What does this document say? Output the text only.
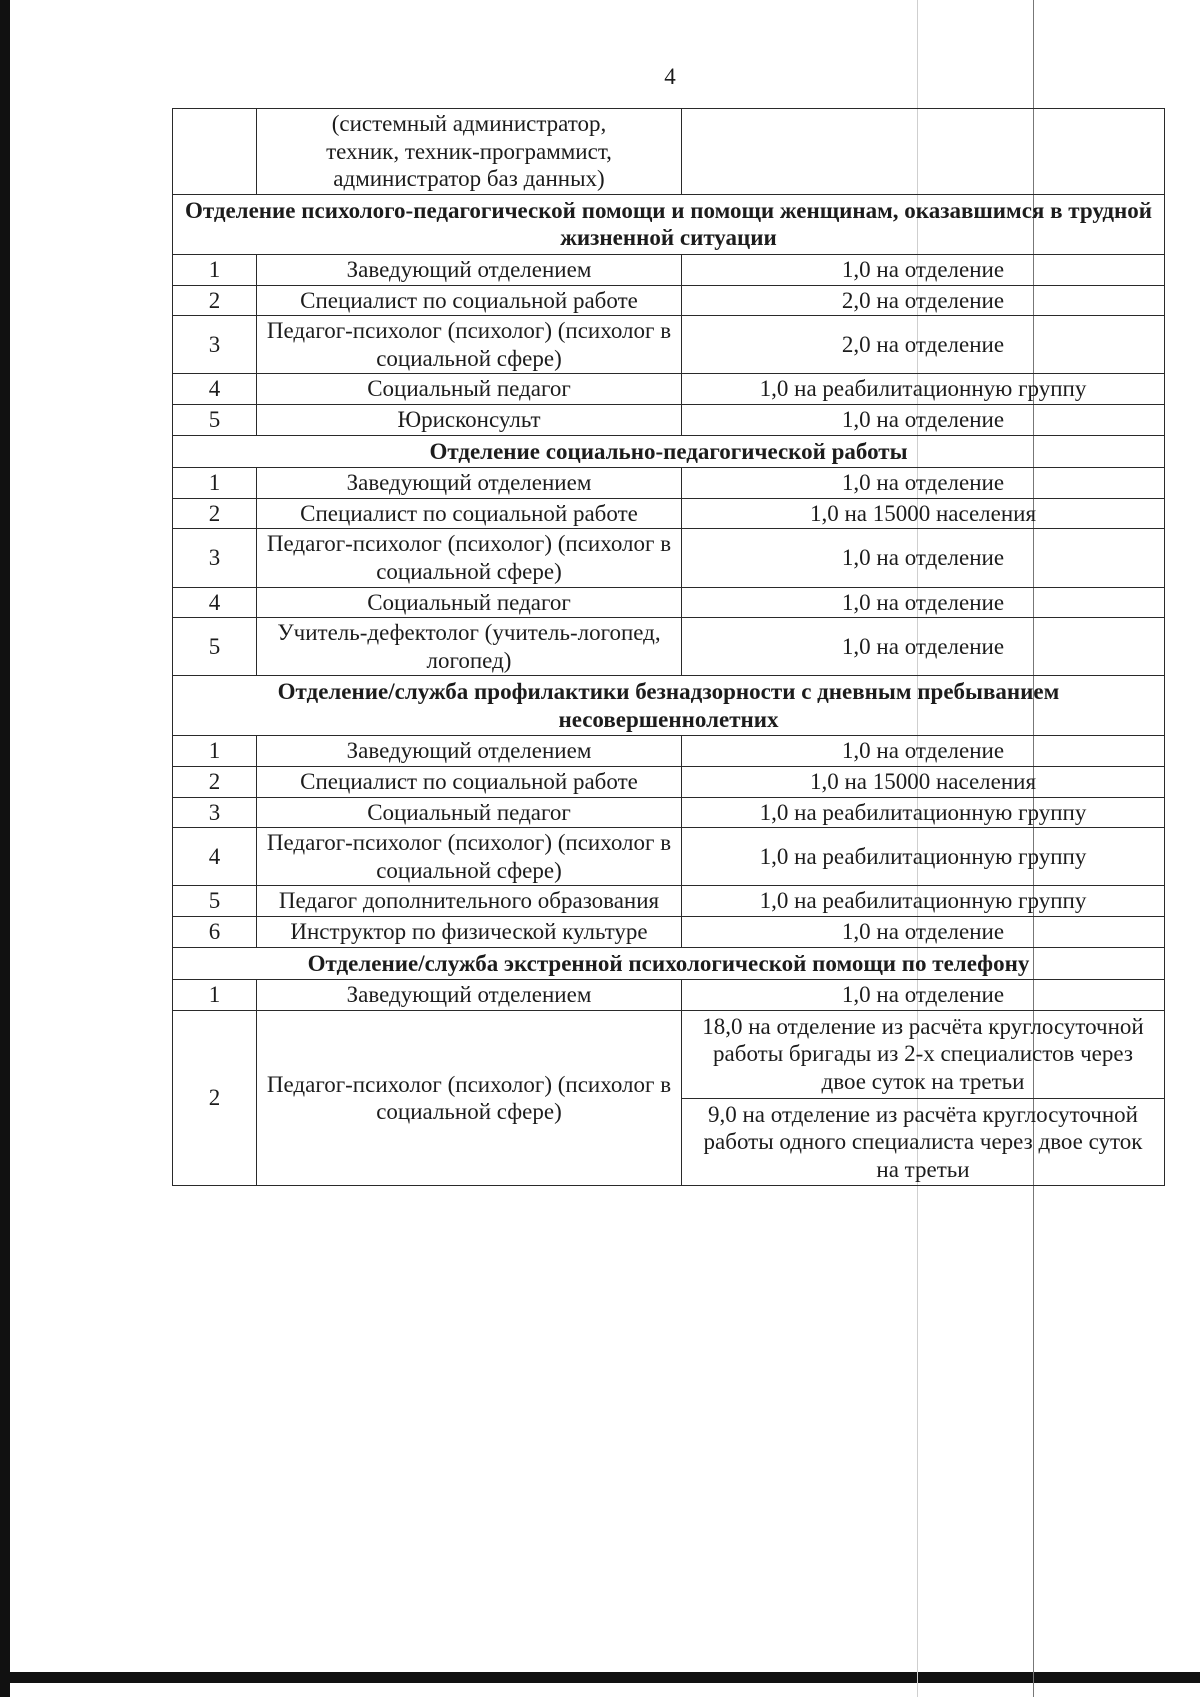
4

	(системный администратор,
техник, техник-программист,
администратор баз данных)	

Отделение психолого-педагогической помощи и помощи женщинам, оказавшимся в трудной жизненной ситуации		
1	Заведующий отделением	1,0 на отделение
2	Специалист по социальной работе	2,0 на отделение
3	Педагог-психолог (психолог) (психолог в социальной сфере)	2,0 на отделение
4	Социальный педагог	1,0 на реабилитационную группу
5	Юрисконсульт	1,0 на отделение
Отделение социально-педагогической работы		
1	Заведующий отделением	1,0 на отделение
2	Специалист по социальной работе	1,0 на 15000 населения
3	Педагог-психолог (психолог) (психолог в социальной сфере)	1,0 на отделение
4	Социальный педагог	1,0 на отделение
5	Учитель-дефектолог (учитель-логопед, логопед)	1,0 на отделение
Отделение/служба профилактики безнадзорности с дневным пребыванием несовершеннолетних		
1	Заведующий отделением	1,0 на отделение
2	Специалист по социальной работе	1,0 на 15000 населения
3	Социальный педагог	1,0 на реабилитационную группу
4	Педагог-психолог (психолог) (психолог в социальной сфере)	1,0 на реабилитационную группу
5	Педагог дополнительного образования	1,0 на реабилитационную группу
6	Инструктор по физической культуре	1,0 на отделение
Отделение/служба экстренной психологической помощи по телефону		
1	Заведующий отделением	1,0 на отделение
2	Педагог-психолог (психолог) (психолог в социальной сфере)	18,0 на отделение из расчёта круглосуточной работы бригады из 2-х специалистов через двое суток на третьи
9,0 на отделение из расчёта круглосуточной работы одного специалиста через двое суток на третьи
